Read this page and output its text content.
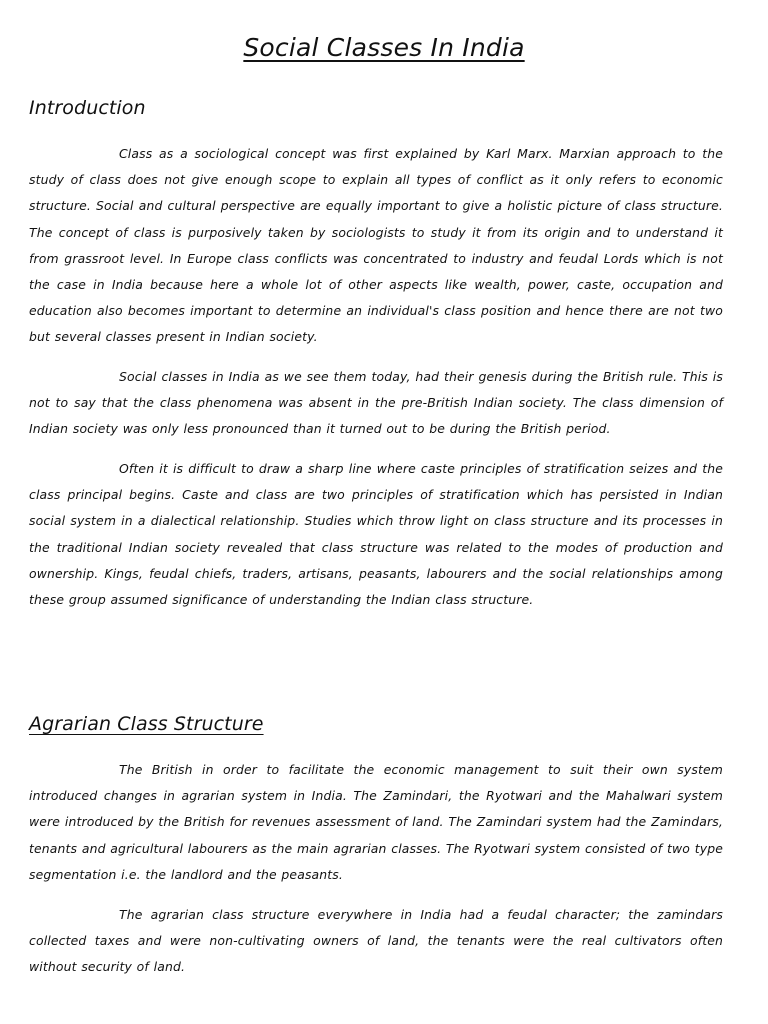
Social Classes In India
Introduction

Class as a sociological concept was first explained by Karl Marx. Marxian approach to the study of class does not give enough scope to explain all types of conflict as it only refers to economic structure. Social and cultural perspective are equally important to give a holistic picture of class structure. The concept of class is purposively taken by sociologists to study it from its origin and to understand it from grassroot level. In Europe class conflicts was concentrated to industry and feudal Lords which is not the case in India because here a whole lot of other aspects like wealth, power, caste, occupation and education also becomes important to determine an individual's class position and hence there are not two but several classes present in Indian society.

Social classes in India as we see them today, had their genesis during the British rule. This is not to say that the class phenomena was absent in the pre-British Indian society. The class dimension of Indian society was only less pronounced than it turned out to be during the British period.

Often it is difficult to draw a sharp line where caste principles of stratification seizes and the class principal begins. Caste and class are two principles of stratification which has persisted in Indian social system in a dialectical relationship. Studies which throw light on class structure and its processes in the traditional Indian society revealed that class structure was related to the modes of production and ownership. Kings, feudal chiefs, traders, artisans, peasants, labourers and the social relationships among these group assumed significance of understanding the Indian class structure.

Agrarian Class Structure

The British in order to facilitate the economic management to suit their own system introduced changes in agrarian system in India. The Zamindari, the Ryotwari and the Mahalwari system were introduced by the British for revenues assessment of land. The Zamindari system had the Zamindars, tenants and agricultural labourers as the main agrarian classes. The Ryotwari system consisted of two type segmentation i.e. the landlord and the peasants.

The agrarian class structure everywhere in India had a feudal character; the zamindars collected taxes and were non-cultivating owners of land, the tenants were the real cultivators often without security of land.
